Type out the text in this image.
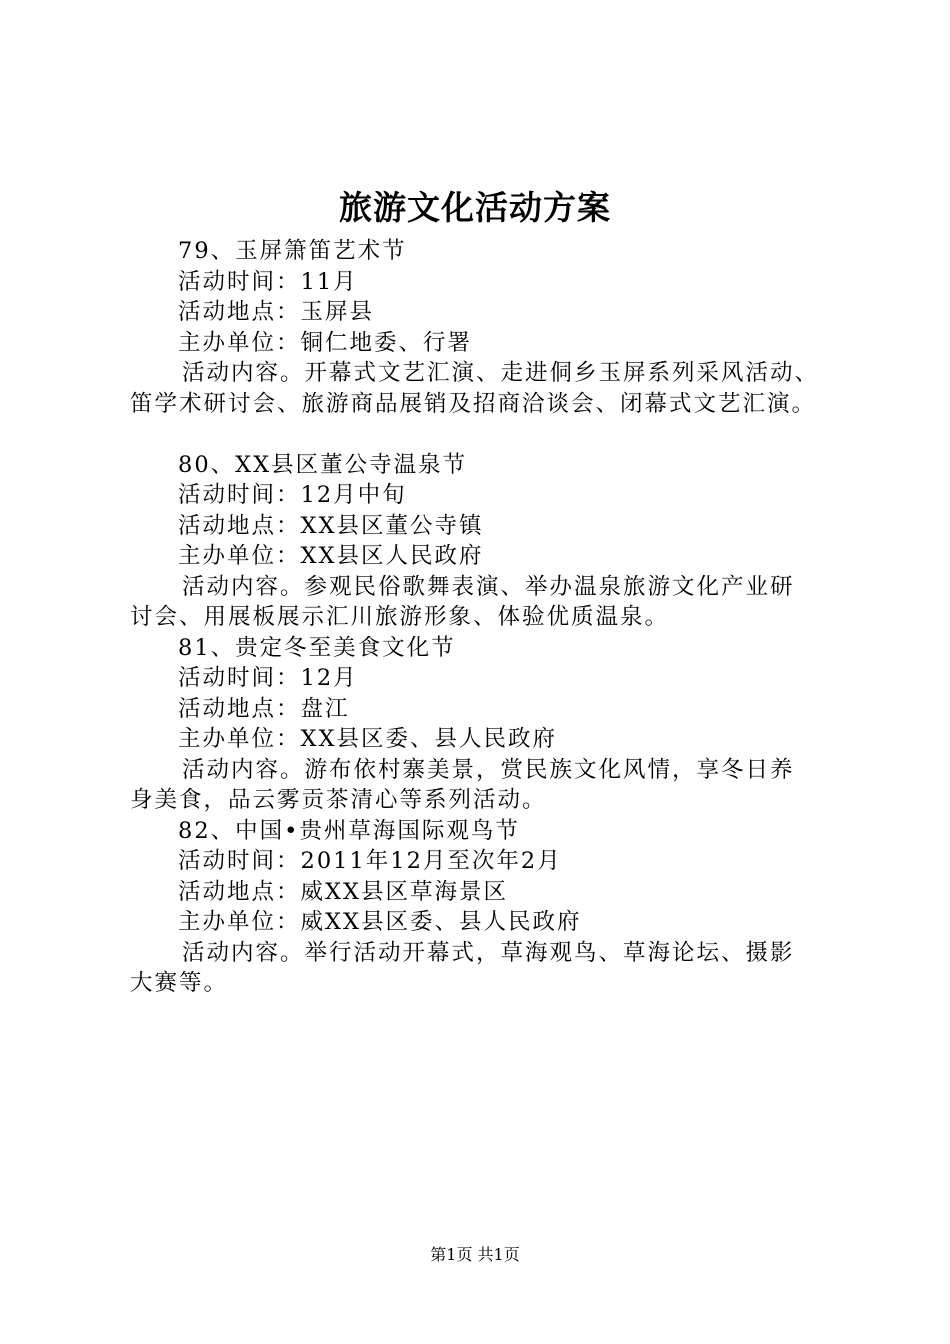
旅游文化活动方案
79、玉屏箫笛艺术节
活动时间：11月
活动地点：玉屏县
主办单位：铜仁地委、行署
活动内容。开幕式文艺汇演、走进侗乡玉屏系列采风活动、
笛学术研讨会、旅游商品展销及招商洽谈会、闭幕式文艺汇演。
80、XX县区董公寺温泉节
活动时间：12月中旬
活动地点：XX县区董公寺镇
主办单位：XX县区人民政府
活动内容。参观民俗歌舞表演、举办温泉旅游文化产业研
讨会、用展板展示汇川旅游形象、体验优质温泉。
81、贵定冬至美食文化节
活动时间：12月
活动地点：盘江
主办单位：XX县区委、县人民政府
活动内容。游布依村寨美景，赏民族文化风情，享冬日养
身美食，品云雾贡茶清心等系列活动。
82、中国•贵州草海国际观鸟节
活动时间：2011年12月至次年2月
活动地点：威XX县区草海景区
主办单位：威XX县区委、县人民政府
活动内容。举行活动开幕式，草海观鸟、草海论坛、摄影
大赛等。
第1页 共1页
